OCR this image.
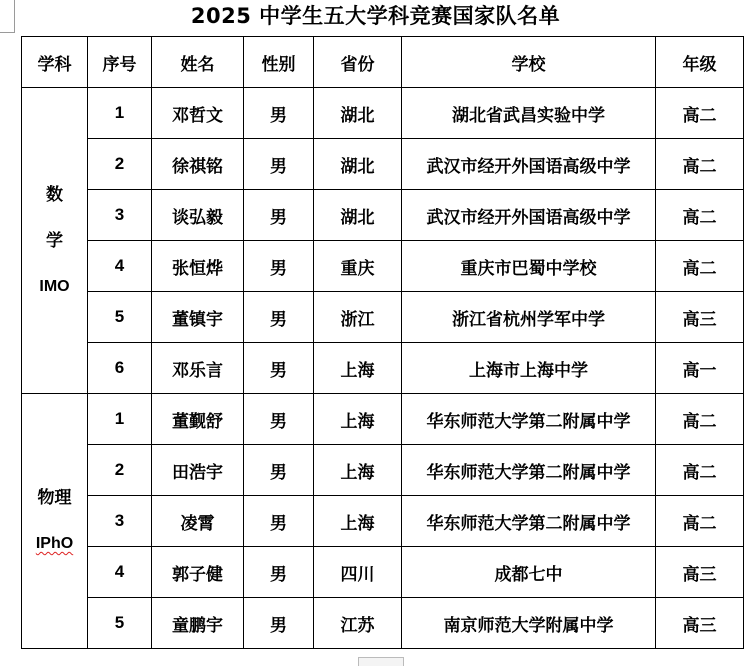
2025 中学生五大学科竞赛国家队名单
学科	序号	姓名	性别	省份	学校	年级

数
学
IMO	1	邓哲文	男	湖北	湖北省武昌实验中学	高二
	2	徐祺铭	男	湖北	武汉市经开外国语高级中学	高二
	3	谈弘毅	男	湖北	武汉市经开外国语高级中学	高二
	4	张恒烨	男	重庆	重庆市巴蜀中学校	高二
	5	董镇宇	男	浙江	浙江省杭州学军中学	高三
	6	邓乐言	男	上海	上海市上海中学	高一

物理
IPhO	1	董觐舒	男	上海	华东师范大学第二附属中学	高二
	2	田浩宇	男	上海	华东师范大学第二附属中学	高二
	3	凌霄	男	上海	华东师范大学第二附属中学	高二
	4	郭子健	男	四川	成都七中	高三
	5	童鹏宇	男	江苏	南京师范大学附属中学	高三
